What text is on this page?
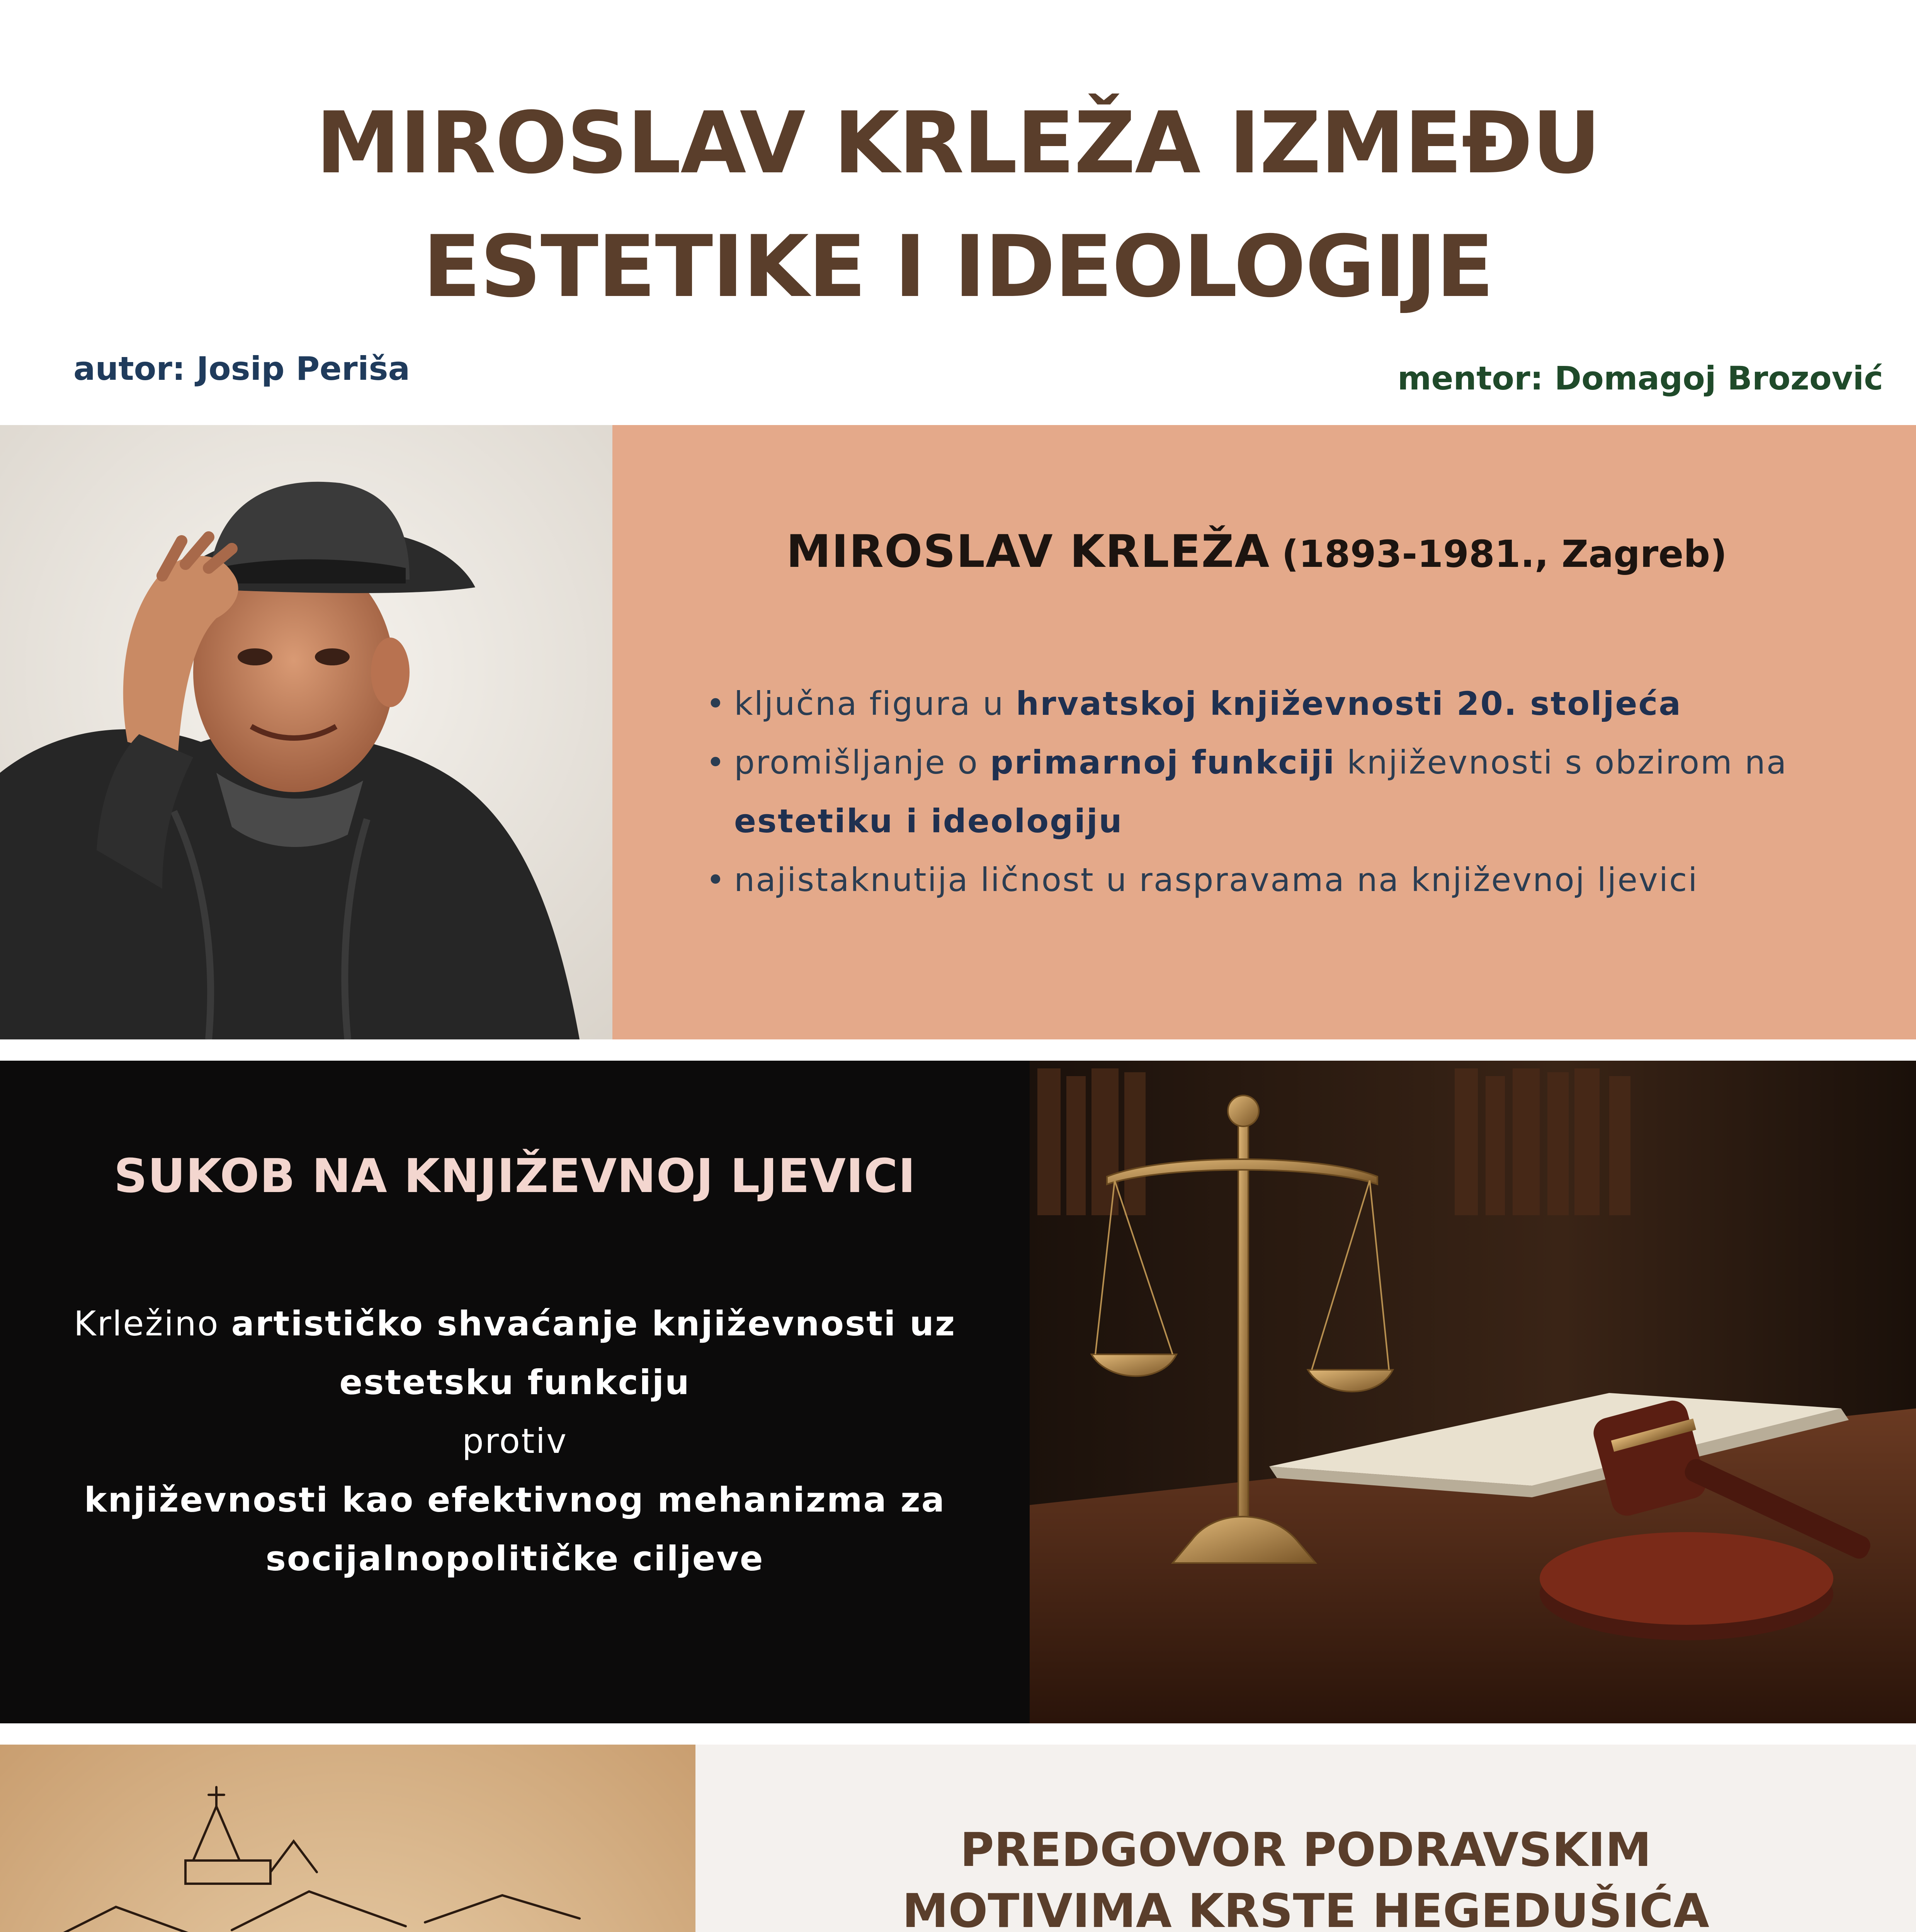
MIROSLAV KRLEŽA IZMEĐU
ESTETIKE I IDEOLOGIJE
autor: Josip Periša	mentor: Domagoj Brozović
MIROSLAV KRLEŽA (1893-1981., Zagreb)
• ključna figura u hrvatskoj književnosti 20. stoljeća
• promišljanje o primarnoj funkciji književnosti s obzirom na estetiku i ideologiju
• najistaknutija ličnost u raspravama na književnoj ljevici
SUKOB NA KNJIŽEVNOJ LJEVICI
Krležino artističko shvaćanje književnosti uz estetsku funkciju
protiv
književnosti kao efektivnog mehanizma za socijalnopolitičke ciljeve
PREDGOVOR PODRAVSKIM
MOTIVIMA KRSTE HEGEDUŠIĆA
